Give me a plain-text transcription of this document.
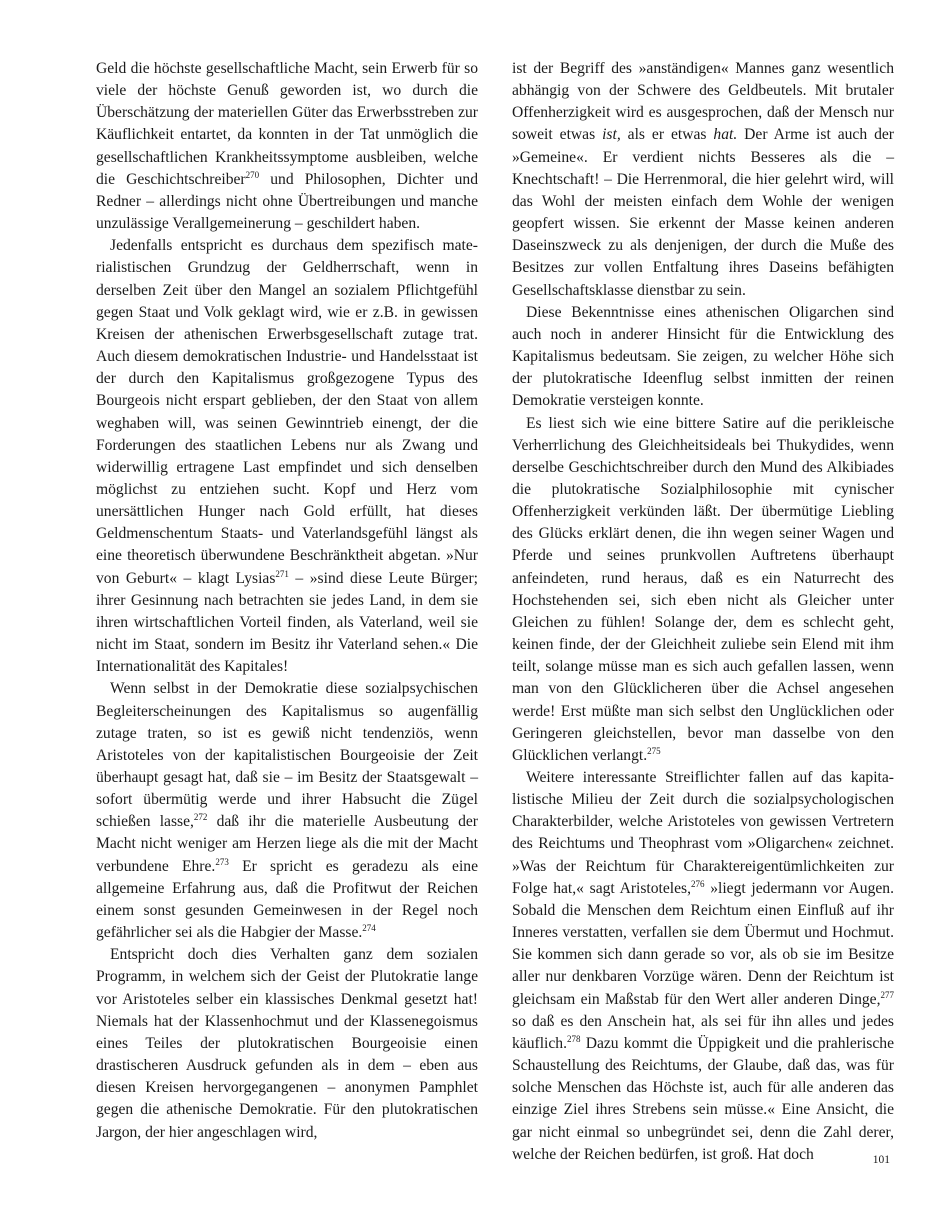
Geld die höchste gesellschaftliche Macht, sein Erwerb für so viele der höchste Genuß geworden ist, wo durch die Überschätzung der materiellen Güter das Erwerbsstreben zur Käuflichkeit entartet, da konnten in der Tat unmöglich die gesellschaftlichen Krankheitssymptome ausbleiben, welche die Geschichtschreiber$^{270}$ und Philosophen, Dichter und Redner – allerdings nicht ohne Übertreibungen und manche unzulässige Verallgemeinerung – geschildert haben.

Jedenfalls entspricht es durchaus dem spezifisch materialistischen Grundzug der Geldherrschaft, wenn in derselben Zeit über den Mangel an sozialem Pflichtgefühl gegen Staat und Volk geklagt wird, wie er z.B. in gewissen Kreisen der athenischen Erwerbsgesellschaft zutage trat. Auch diesem demokratischen Industrie- und Handelsstaat ist der durch den Kapitalismus großgezogene Typus des Bourgeois nicht erspart geblieben, der den Staat von allem weghaben will, was seinen Gewinntrieb einengt, der die Forderungen des staatlichen Lebens nur als Zwang und widerwillig ertragene Last empfindet und sich denselben möglichst zu entziehen sucht. Kopf und Herz vom unersättlichen Hunger nach Gold erfüllt, hat dieses Geldmenschentum Staats- und Vaterlandsgefühl längst als eine theoretisch überwundene Beschränktheit abgetan. »Nur von Geburt« – klagt Lysias$^{271}$ – »sind diese Leute Bürger; ihrer Gesinnung nach betrachten sie jedes Land, in dem sie ihren wirtschaftlichen Vorteil finden, als Vaterland, weil sie nicht im Staat, sondern im Besitz ihr Vaterland sehen.« Die Internationalität des Kapitales!

Wenn selbst in der Demokratie diese sozialpsychischen Begleiterscheinungen des Kapitalismus so augenfällig zutage traten, so ist es gewiß nicht tendenziös, wenn Aristoteles von der kapitalistischen Bourgeoisie der Zeit überhaupt gesagt hat, daß sie – im Besitz der Staatsgewalt – sofort übermütig werde und ihrer Habsucht die Zügel schießen lasse,$^{272}$ daß ihr die materielle Ausbeutung der Macht nicht weniger am Herzen liege als die mit der Macht verbundene Ehre.$^{273}$ Er spricht es geradezu als eine allgemeine Erfahrung aus, daß die Profitwut der Reichen einem sonst gesunden Gemeinwesen in der Regel noch gefährlicher sei als die Habgier der Masse.$^{274}$

Entspricht doch dies Verhalten ganz dem sozialen Programm, in welchem sich der Geist der Plutokratie lange vor Aristoteles selber ein klassisches Denkmal gesetzt hat! Niemals hat der Klassenhochmut und der Klassenegoismus eines Teiles der plutokratischen Bourgeoisie einen drastischeren Ausdruck gefunden als in dem – eben aus diesen Kreisen hervorgegangenen – anonymen Pamphlet gegen die athenische Demokratie. Für den plutokratischen Jargon, der hier angeschlagen wird,

ist der Begriff des »anständigen« Mannes ganz wesentlich abhängig von der Schwere des Geldbeutels. Mit brutaler Offenherzigkeit wird es ausgesprochen, daß der Mensch nur soweit etwas ist, als er etwas hat. Der Arme ist auch der »Gemeine«. Er verdient nichts Besseres als die – Knechtschaft! – Die Herrenmoral, die hier gelehrt wird, will das Wohl der meisten einfach dem Wohle der wenigen geopfert wissen. Sie erkennt der Masse keinen anderen Daseinszweck zu als denjenigen, der durch die Muße des Besitzes zur vollen Entfaltung ihres Daseins befähigten Gesellschaftsklasse dienstbar zu sein.

Diese Bekenntnisse eines athenischen Oligarchen sind auch noch in anderer Hinsicht für die Entwicklung des Kapitalismus bedeutsam. Sie zeigen, zu welcher Höhe sich der plutokratische Ideenflug selbst inmitten der reinen Demokratie versteigen konnte.

Es liest sich wie eine bittere Satire auf die perikleische Verherrlichung des Gleichheitsideals bei Thukydides, wenn derselbe Geschichtschreiber durch den Mund des Alkibiades die plutokratische Sozialphilosophie mit cynischer Offenherzigkeit verkünden läßt. Der übermütige Liebling des Glücks erklärt denen, die ihn wegen seiner Wagen und Pferde und seines prunkvollen Auftretens überhaupt anfeindeten, rund heraus, daß es ein Naturrecht des Hochstehenden sei, sich eben nicht als Gleicher unter Gleichen zu fühlen! Solange der, dem es schlecht geht, keinen finde, der der Gleichheit zuliebe sein Elend mit ihm teilt, solange müsse man es sich auch gefallen lassen, wenn man von den Glücklicheren über die Achsel angesehen werde! Erst müßte man sich selbst den Unglücklichen oder Geringeren gleichstellen, bevor man dasselbe von den Glücklichen verlangt.$^{275}$

Weitere interessante Streiflichter fallen auf das kapitalistische Milieu der Zeit durch die sozialpsychologischen Charakterbilder, welche Aristoteles von gewissen Vertretern des Reichtums und Theophrast vom »Oligarchen« zeichnet. »Was der Reichtum für Charaktereigentümlichkeiten zur Folge hat,« sagt Aristoteles,$^{276}$ »liegt jedermann vor Augen. Sobald die Menschen dem Reichtum einen Einfluß auf ihr Inneres verstatten, verfallen sie dem Übermut und Hochmut. Sie kommen sich dann gerade so vor, als ob sie im Besitze aller nur denkbaren Vorzüge wären. Denn der Reichtum ist gleichsam ein Maßstab für den Wert aller anderen Dinge,$^{277}$ so daß es den Anschein hat, als sei für ihn alles und jedes käuflich.$^{278}$ Dazu kommt die Üppigkeit und die prahlerische Schaustellung des Reichtums, der Glaube, daß das, was für solche Menschen das Höchste ist, auch für alle anderen das einzige Ziel ihres Strebens sein müsse.« Eine Ansicht, die gar nicht einmal so unbegründet sei, denn die Zahl derer, welche der Reichen bedürfen, ist groß. Hat doch	101
